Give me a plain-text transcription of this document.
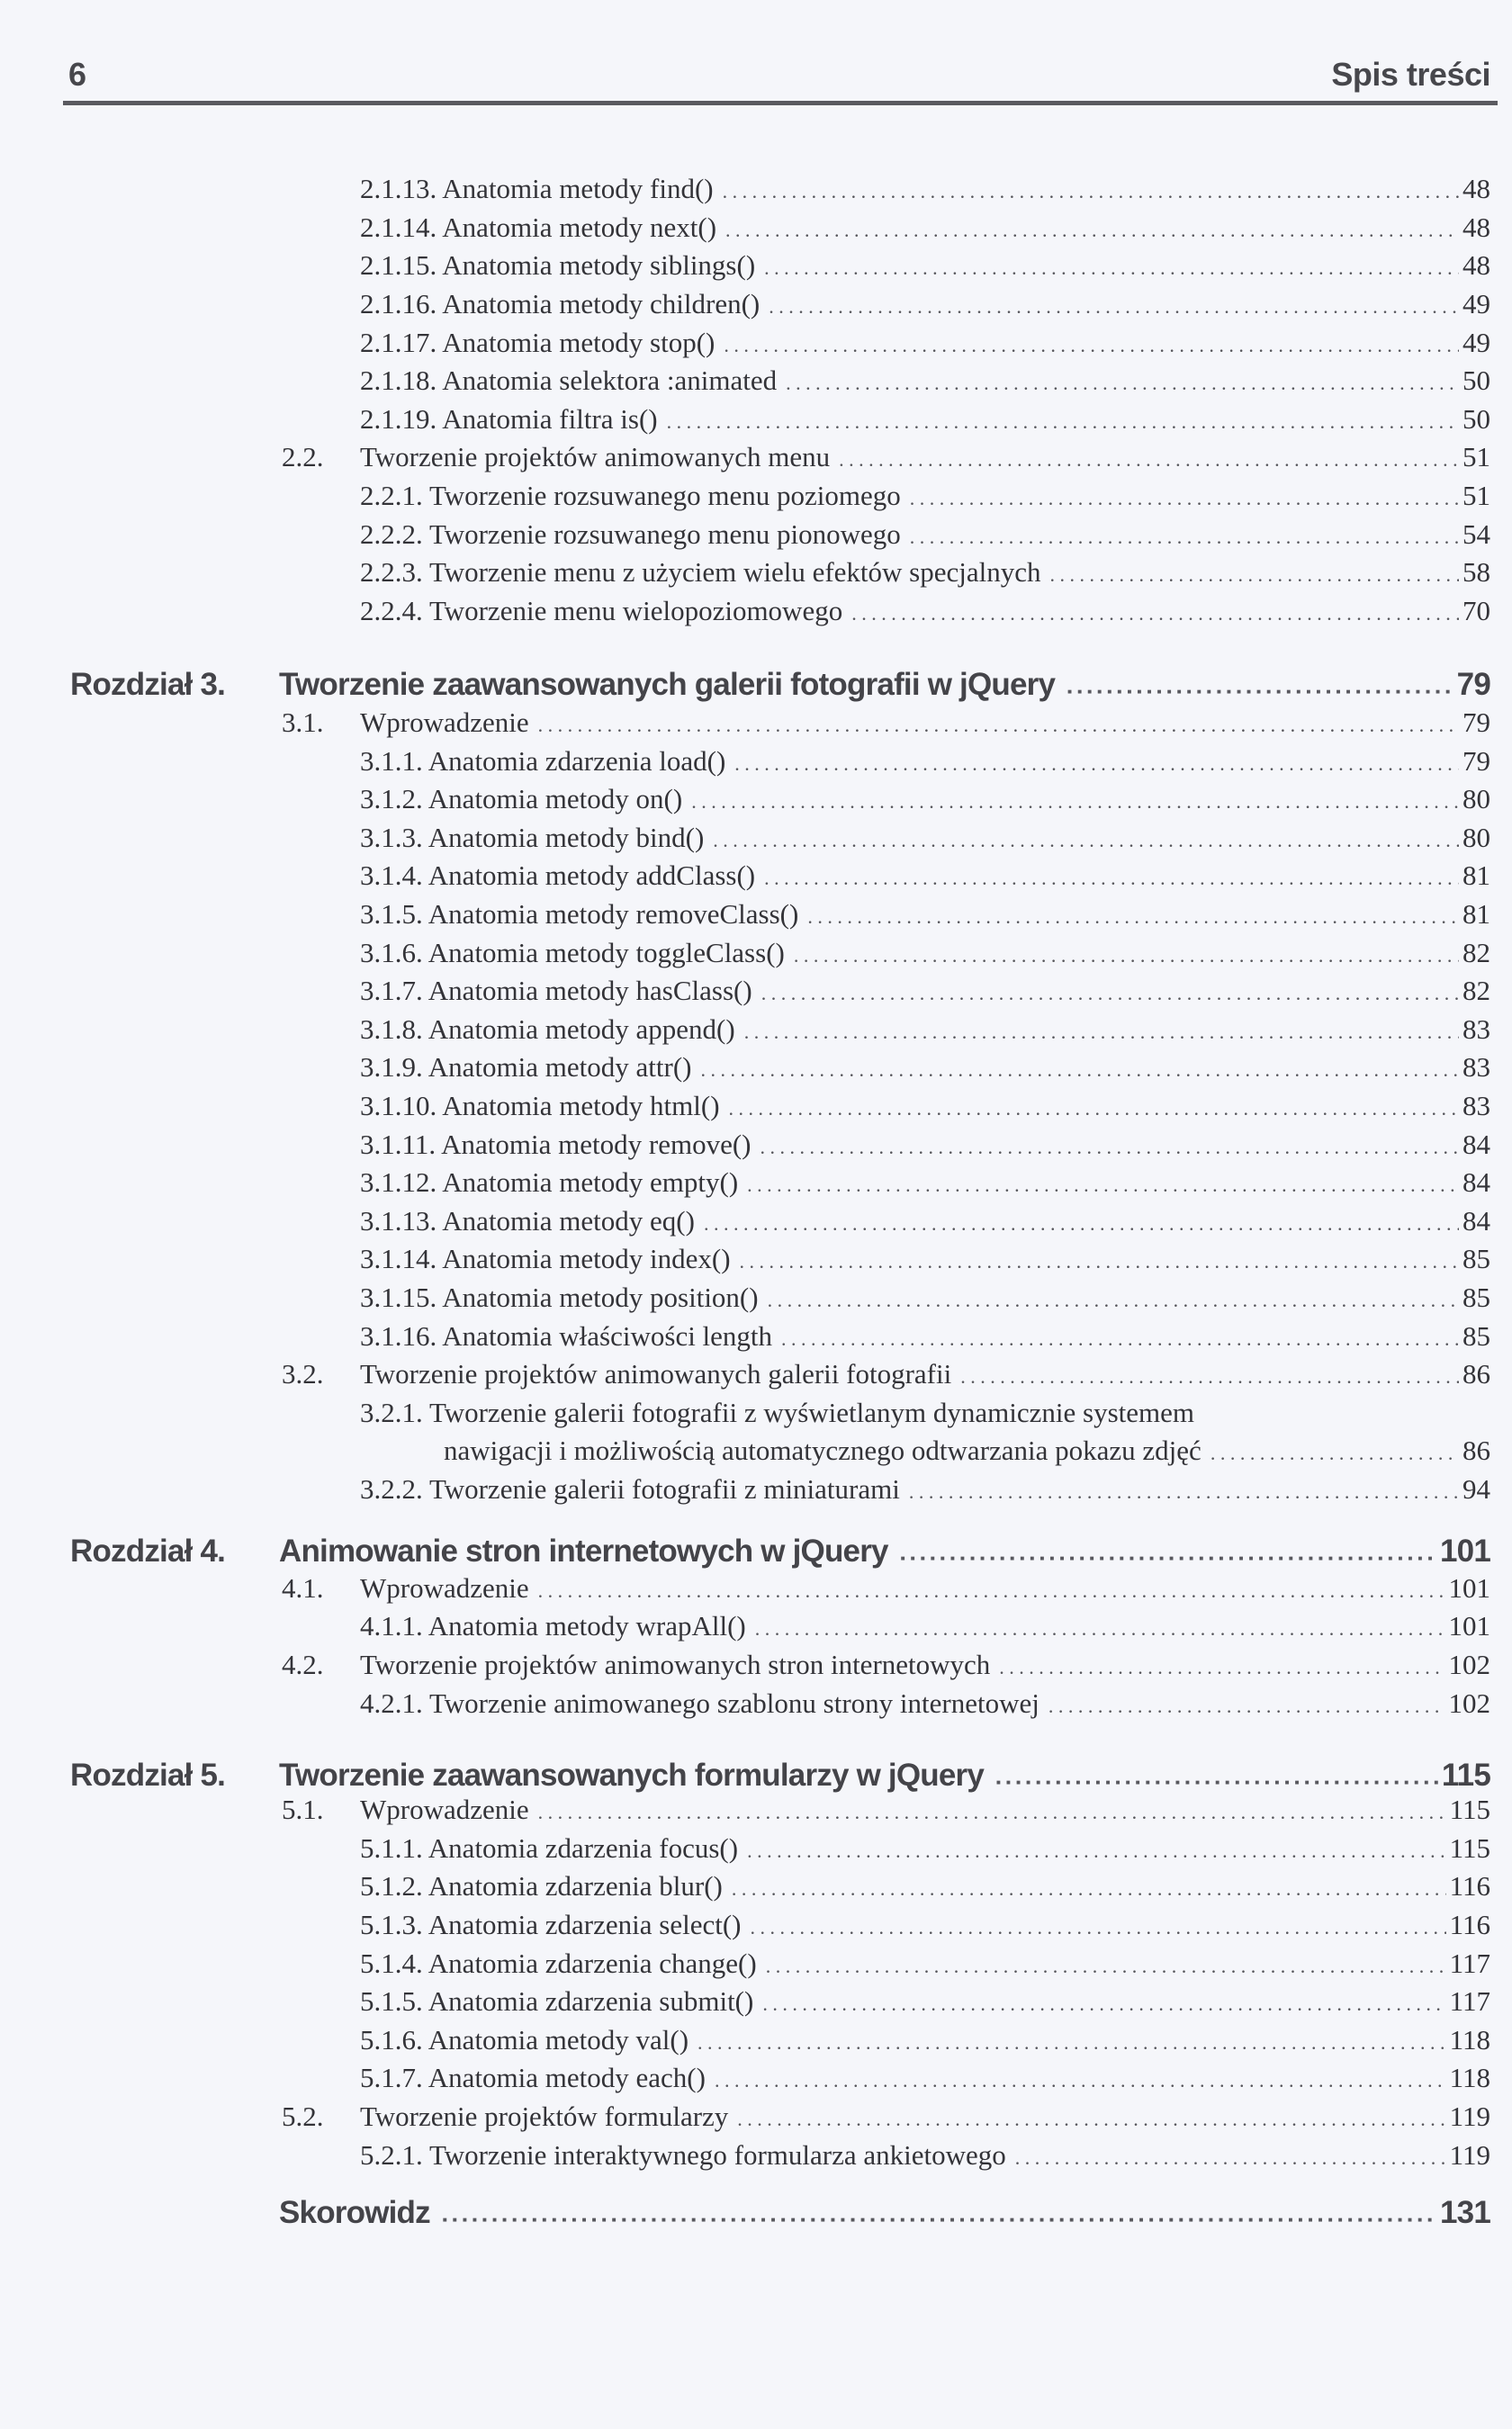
6	Spis treści
2.1.13. Anatomia metody find() . . .	48
2.1.14. Anatomia metody next() . . .	48
2.1.15. Anatomia metody siblings() . . .	48
2.1.16. Anatomia metody children() . . .	49
2.1.17. Anatomia metody stop() . . .	49
2.1.18. Anatomia selektora :animated . . .	50
2.1.19. Anatomia filtra is() . . .	50
2.2. Tworzenie projektów animowanych menu . . .	51
2.2.1. Tworzenie rozsuwanego menu poziomego . . .	51
2.2.2. Tworzenie rozsuwanego menu pionowego . . .	54
2.2.3. Tworzenie menu z użyciem wielu efektów specjalnych . . .	58
2.2.4. Tworzenie menu wielopoziomowego . . .	70
Rozdział 3. Tworzenie zaawansowanych galerii fotografii w jQuery ■ ■ ■ ■ ■ ■ ■ ■ ■ ■ ■ ■ ■ ■ ■ ■ ■ ■ ■ ■ ■ ■ ■ ■ ■ ■ ■ ■ ■ ■ ■ ■ ■ ■ ■ ■ ■ ■ ■ ■ ■ ■ ■ ■ ■ ■ ■ ■ ■ ■ ■ ■ ■ ■ ■ ■ ■ ■ ■ ■ ■ ■ ■ ■ ■ ■ ■ ■ ■ ■ ■ ■ ■ ■ ■ ■ ■ ■ ■ ■ ■ ■ ■ ■ ■ ■ ■ ■ ■ ■ ■ ■ ■ ■ ■ ■ ■ ■ ■ ■ ■ ■ ■ ■ ■ ■ ■ ■ ■ ■ ■ ■ ■ ■	79
3.1. Wprowadzenie . . .	79
3.1.1. Anatomia zdarzenia load() . . .	79
3.1.2. Anatomia metody on() . . .	80
3.1.3. Anatomia metody bind() . . .	80
3.1.4. Anatomia metody addClass() . . .	81
3.1.5. Anatomia metody removeClass() . . .	81
3.1.6. Anatomia metody toggleClass() . . .	82
3.1.7. Anatomia metody hasClass() . . .	82
3.1.8. Anatomia metody append() . . .	83
3.1.9. Anatomia metody attr() . . .	83
3.1.10. Anatomia metody html() . . .	83
3.1.11. Anatomia metody remove() . . .	84
3.1.12. Anatomia metody empty() . . .	84
3.1.13. Anatomia metody eq() . . .	84
3.1.14. Anatomia metody index() . . .	85
3.1.15. Anatomia metody position() . . .	85
3.1.16. Anatomia właściwości length . . .	85
3.2. Tworzenie projektów animowanych galerii fotografii . . .	86
3.2.1. Tworzenie galerii fotografii z wyświetlanym dynamicznie systemem
nawigacji i możliwością automatycznego odtwarzania pokazu zdjęć . . .	86
3.2.2. Tworzenie galerii fotografii z miniaturami . . .	94
Rozdział 4. Animowanie stron internetowych w jQuery ■ ■ ■ ■ ■ ■ ■ ■ ■ ■ ■ ■ ■ ■ ■ ■ ■ ■ ■ ■ ■ ■ ■ ■ ■ ■ ■ ■ ■ ■ ■ ■ ■ ■ ■ ■ ■ ■ ■ ■ ■ ■ ■ ■ ■ ■ ■ ■ ■ ■ ■ ■ ■ ■ ■ ■ ■ ■ ■ ■ ■ ■ ■ ■ ■ ■ ■ ■ ■ ■ ■ ■ ■ ■ ■ ■ ■ ■ ■ ■ ■ ■ ■ ■ ■ ■ ■ ■ ■ ■ ■ ■ ■ ■ ■ ■ ■ ■ ■ ■ ■ ■ ■ ■ ■ ■ ■ ■ ■ ■ ■ ■ ■ ■	101
4.1. Wprowadzenie . . .	101
4.1.1. Anatomia metody wrapAll() . . .	101
4.2. Tworzenie projektów animowanych stron internetowych . . .	102
4.2.1. Tworzenie animowanego szablonu strony internetowej . . .	102
Rozdział 5. Tworzenie zaawansowanych formularzy w jQuery ■ ■ ■ ■ ■ ■ ■ ■ ■ ■ ■ ■ ■ ■ ■ ■ ■ ■ ■ ■ ■ ■ ■ ■ ■ ■ ■ ■ ■ ■ ■ ■ ■ ■ ■ ■ ■ ■ ■ ■ ■ ■ ■ ■ ■ ■ ■ ■ ■ ■ ■ ■ ■ ■ ■ ■ ■ ■ ■ ■ ■ ■ ■ ■ ■ ■ ■ ■ ■ ■ ■ ■ ■ ■ ■ ■ ■ ■ ■ ■ ■ ■ ■ ■ ■ ■ ■ ■ ■ ■ ■ ■ ■ ■ ■ ■ ■ ■ ■ ■ ■ ■ ■ ■ ■ ■ ■ ■ ■ ■ ■ ■ ■ ■	115
5.1. Wprowadzenie . . .	115
5.1.1. Anatomia zdarzenia focus() . . .	115
5.1.2. Anatomia zdarzenia blur() . . .	116
5.1.3. Anatomia zdarzenia select() . . .	116
5.1.4. Anatomia zdarzenia change() . . .	117
5.1.5. Anatomia zdarzenia submit() . . .	117
5.1.6. Anatomia metody val() . . .	118
5.1.7. Anatomia metody each() . . .	118
5.2. Tworzenie projektów formularzy . . .	119
5.2.1. Tworzenie interaktywnego formularza ankietowego . . .	119
Skorowidz ■ ■ ■ ■ ■ ■ ■ ■ ■ ■ ■ ■ ■ ■ ■ ■ ■ ■ ■ ■ ■ ■ ■ ■ ■ ■ ■ ■ ■ ■ ■ ■ ■ ■ ■ ■ ■ ■ ■ ■ ■ ■ ■ ■ ■ ■ ■ ■ ■ ■ ■ ■ ■ ■ ■ ■ ■ ■ ■ ■ ■ ■ ■ ■ ■ ■ ■ ■ ■ ■ ■ ■ ■ ■ ■ ■ ■ ■ ■ ■ ■ ■ ■ ■ ■ ■ ■ ■ ■ ■ ■ ■ ■ ■ ■ ■ ■ ■ ■ ■ ■ ■ ■ ■ ■ ■ ■ ■ ■ ■ ■ ■ ■ ■	131
